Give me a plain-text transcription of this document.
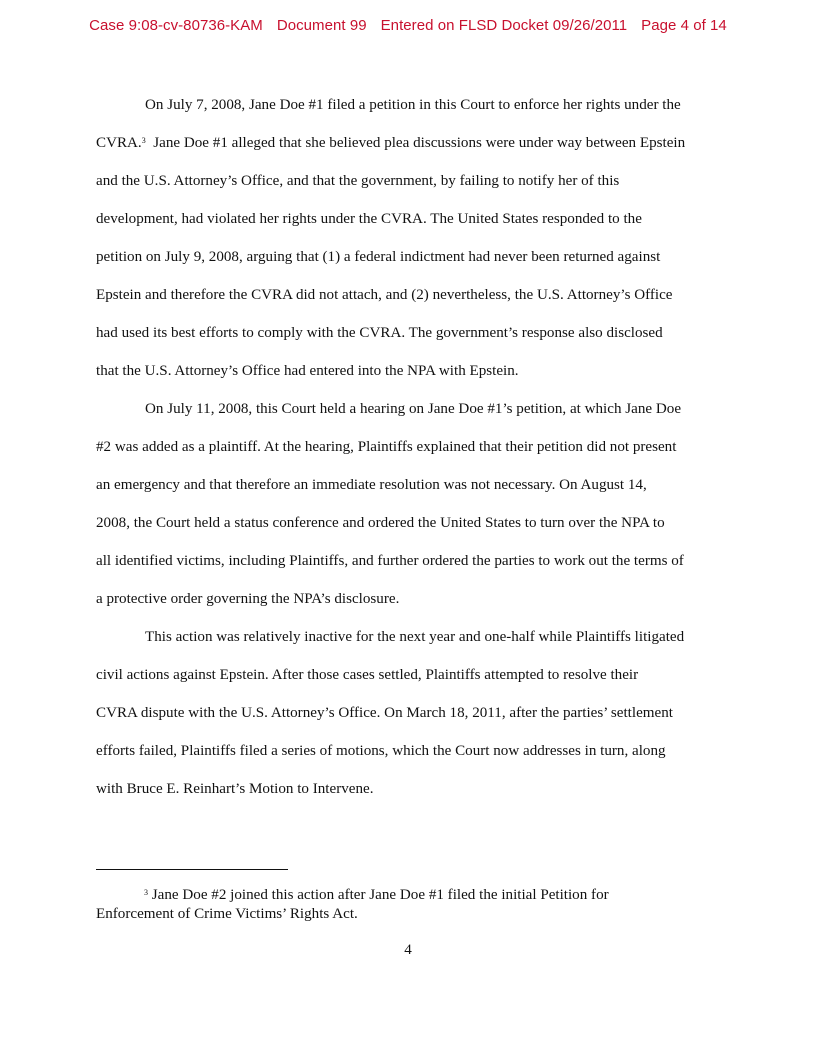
Case 9:08-cv-80736-KAM Document 99 Entered on FLSD Docket 09/26/2011 Page 4 of 14
On July 7, 2008, Jane Doe #1 filed a petition in this Court to enforce her rights under the
CVRA.$^3$  Jane Doe #1 alleged that she believed plea discussions were under way between Epstein
and the U.S. Attorney’s Office, and that the government, by failing to notify her of this
development, had violated her rights under the CVRA. The United States responded to the
petition on July 9, 2008, arguing that (1) a federal indictment had never been returned against
Epstein and therefore the CVRA did not attach, and (2) nevertheless, the U.S. Attorney’s Office
had used its best efforts to comply with the CVRA. The government’s response also disclosed
that the U.S. Attorney’s Office had entered into the NPA with Epstein.
On July 11, 2008, this Court held a hearing on Jane Doe #1’s petition, at which Jane Doe
#2 was added as a plaintiff. At the hearing, Plaintiffs explained that their petition did not present
an emergency and that therefore an immediate resolution was not necessary. On August 14,
2008, the Court held a status conference and ordered the United States to turn over the NPA to
all identified victims, including Plaintiffs, and further ordered the parties to work out the terms of
a protective order governing the NPA’s disclosure.
This action was relatively inactive for the next year and one-half while Plaintiffs litigated
civil actions against Epstein. After those cases settled, Plaintiffs attempted to resolve their
CVRA dispute with the U.S. Attorney’s Office. On March 18, 2011, after the parties’ settlement
efforts failed, Plaintiffs filed a series of motions, which the Court now addresses in turn, along
with Bruce E. Reinhart’s Motion to Intervene.
$^3$ Jane Doe #2 joined this action after Jane Doe #1 filed the initial Petition for
Enforcement of Crime Victims’ Rights Act.
4
